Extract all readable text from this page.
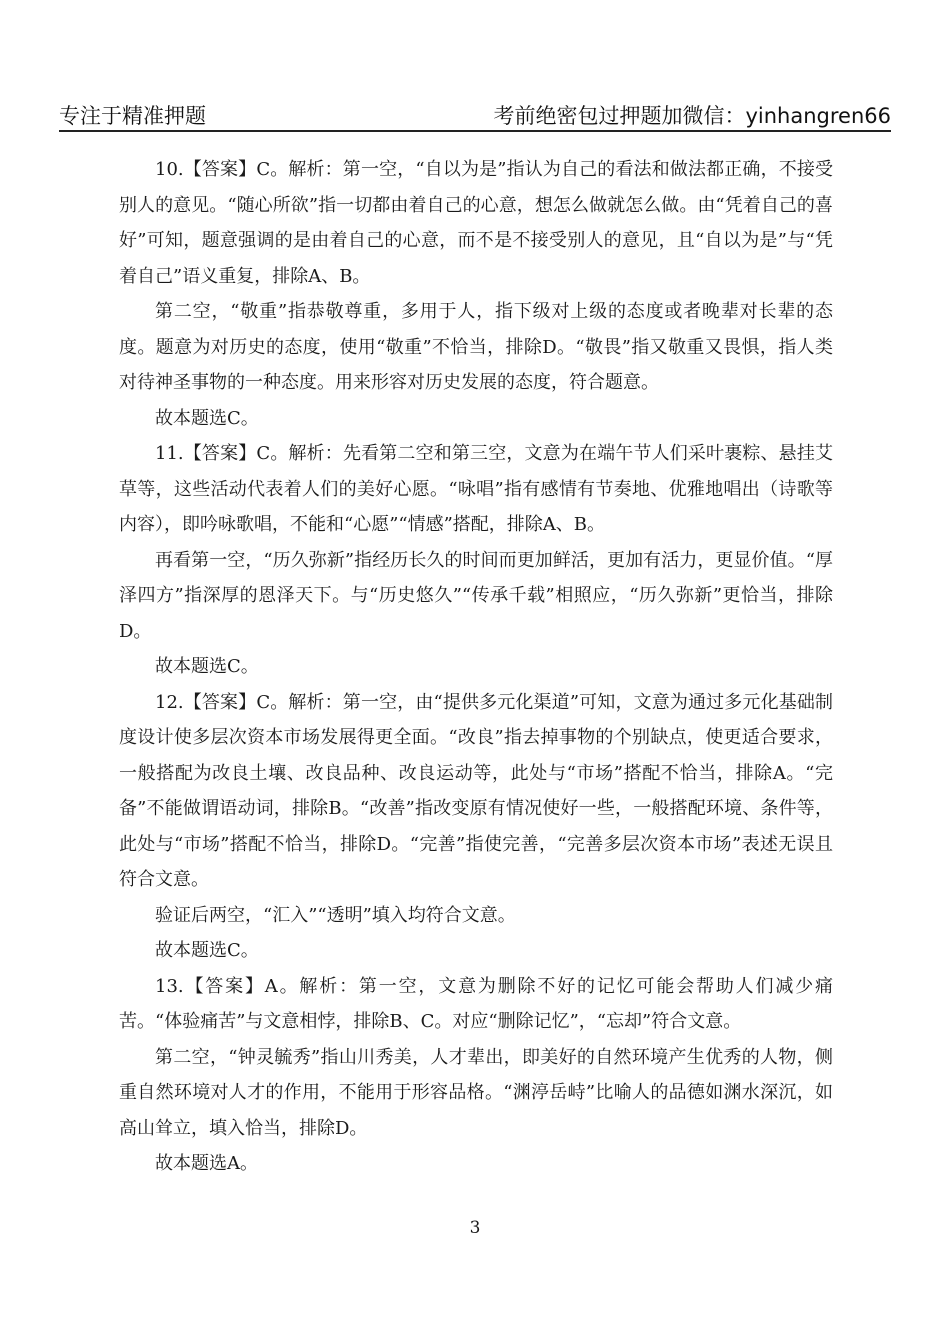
专注于精准押题	考前绝密包过押题加微信：yinhangren66

10.【答案】C。解析：第一空，“自以为是”指认为自己的看法和做法都正确，不接受别人的意见。“随心所欲”指一切都由着自己的心意，想怎么做就怎么做。由“凭着自己的喜好”可知，题意强调的是由着自己的心意，而不是不接受别人的意见，且“自以为是”与“凭着自己”语义重复，排除A、B。

第二空，“敬重”指恭敬尊重，多用于人，指下级对上级的态度或者晚辈对长辈的态度。题意为对历史的态度，使用“敬重”不恰当，排除D。“敬畏”指又敬重又畏惧，指人类对待神圣事物的一种态度。用来形容对历史发展的态度，符合题意。

故本题选C。

11.【答案】C。解析：先看第二空和第三空，文意为在端午节人们采叶裹粽、悬挂艾草等，这些活动代表着人们的美好心愿。“咏唱”指有感情有节奏地、优雅地唱出（诗歌等内容），即吟咏歌唱，不能和“心愿”“情感”搭配，排除A、B。

再看第一空，“历久弥新”指经历长久的时间而更加鲜活，更加有活力，更显价值。“厚泽四方”指深厚的恩泽天下。与“历史悠久”“传承千载”相照应，“历久弥新”更恰当，排除D。

故本题选C。

12.【答案】C。解析：第一空，由“提供多元化渠道”可知，文意为通过多元化基础制度设计使多层次资本市场发展得更全面。“改良”指去掉事物的个别缺点，使更适合要求，一般搭配为改良土壤、改良品种、改良运动等，此处与“市场”搭配不恰当，排除A。“完备”不能做谓语动词，排除B。“改善”指改变原有情况使好一些，一般搭配环境、条件等，此处与“市场”搭配不恰当，排除D。“完善”指使完善，“完善多层次资本市场”表述无误且符合文意。

验证后两空，“汇入”“透明”填入均符合文意。

故本题选C。

13.【答案】A。解析：第一空，文意为删除不好的记忆可能会帮助人们减少痛苦。“体验痛苦”与文意相悖，排除B、C。对应“删除记忆”，“忘却”符合文意。

第二空，“钟灵毓秀”指山川秀美，人才辈出，即美好的自然环境产生优秀的人物，侧重自然环境对人才的作用，不能用于形容品格。“渊渟岳峙”比喻人的品德如渊水深沉，如高山耸立，填入恰当，排除D。

故本题选A。

3
